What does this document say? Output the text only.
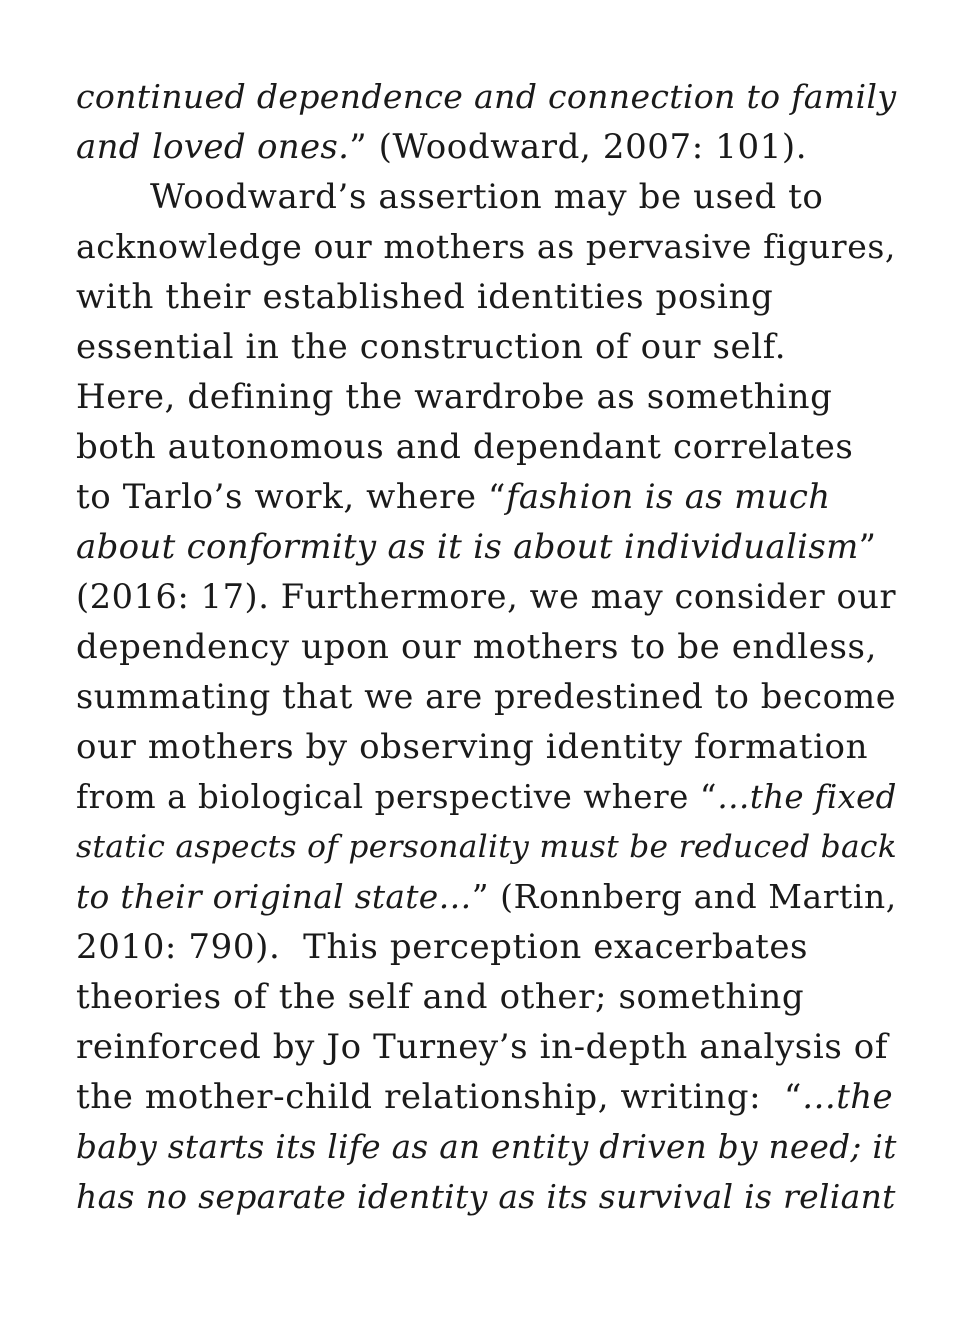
continued dependence and connection to family
and loved ones.” (Woodward, 2007: 101).
Woodward’s assertion may be used to
acknowledge our mothers as pervasive figures,
with their established identities posing
essential in the construction of our self.
Here, defining the wardrobe as something
both autonomous and dependant correlates
to Tarlo’s work, where “fashion is as much
about conformity as it is about individualism”
(2016: 17). Furthermore, we may consider our
dependency upon our mothers to be endless,
summating that we are predestined to become
our mothers by observing identity formation
from a biological perspective where “…the fixed
static aspects of personality must be reduced back
to their original state…” (Ronnberg and Martin,
2010: 790).  This perception exacerbates
theories of the self and other; something
reinforced by Jo Turney’s in-depth analysis of
the mother-child relationship, writing:  “…the
baby starts its life as an entity driven by need; it
has no separate identity as its survival is reliant
